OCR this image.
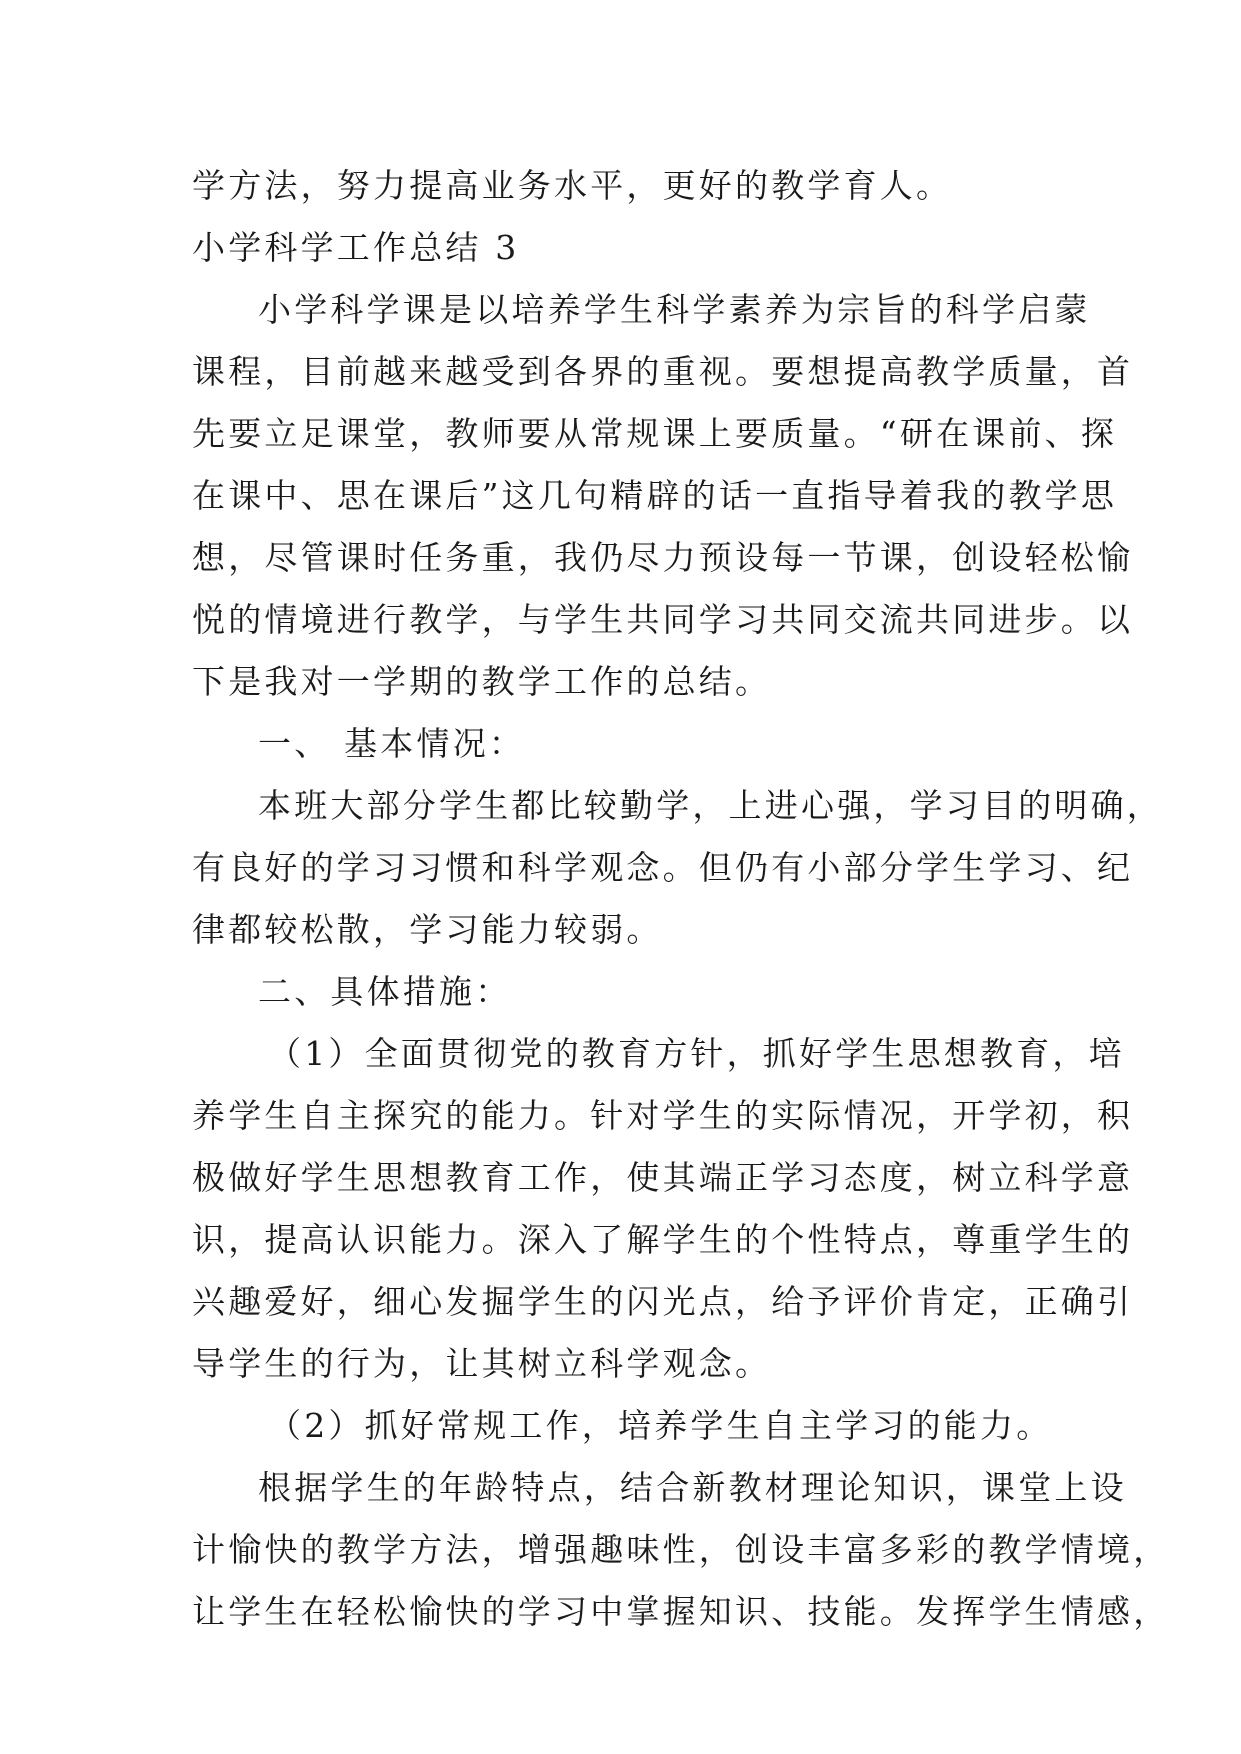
学方法，努力提高业务水平，更好的教学育人。
小学科学工作总结 3
小学科学课是以培养学生科学素养为宗旨的科学启蒙
课程，目前越来越受到各界的重视。要想提高教学质量，首
先要立足课堂，教师要从常规课上要质量。“研在课前、探
在课中、思在课后”这几句精辟的话一直指导着我的教学思
想，尽管课时任务重，我仍尽力预设每一节课，创设轻松愉
悦的情境进行教学，与学生共同学习共同交流共同进步。以
下是我对一学期的教学工作的总结。
一、 基本情况：
本班大部分学生都比较勤学，上进心强，学习目的明确，
有良好的学习习惯和科学观念。但仍有小部分学生学习、纪
律都较松散，学习能力较弱。
二、具体措施：
（1）全面贯彻党的教育方针，抓好学生思想教育，培
养学生自主探究的能力。针对学生的实际情况，开学初，积
极做好学生思想教育工作，使其端正学习态度，树立科学意
识，提高认识能力。深入了解学生的个性特点，尊重学生的
兴趣爱好，细心发掘学生的闪光点，给予评价肯定，正确引
导学生的行为，让其树立科学观念。
（2）抓好常规工作，培养学生自主学习的能力。
根据学生的年龄特点，结合新教材理论知识，课堂上设
计愉快的教学方法，增强趣味性，创设丰富多彩的教学情境，
让学生在轻松愉快的学习中掌握知识、技能。发挥学生情感，
